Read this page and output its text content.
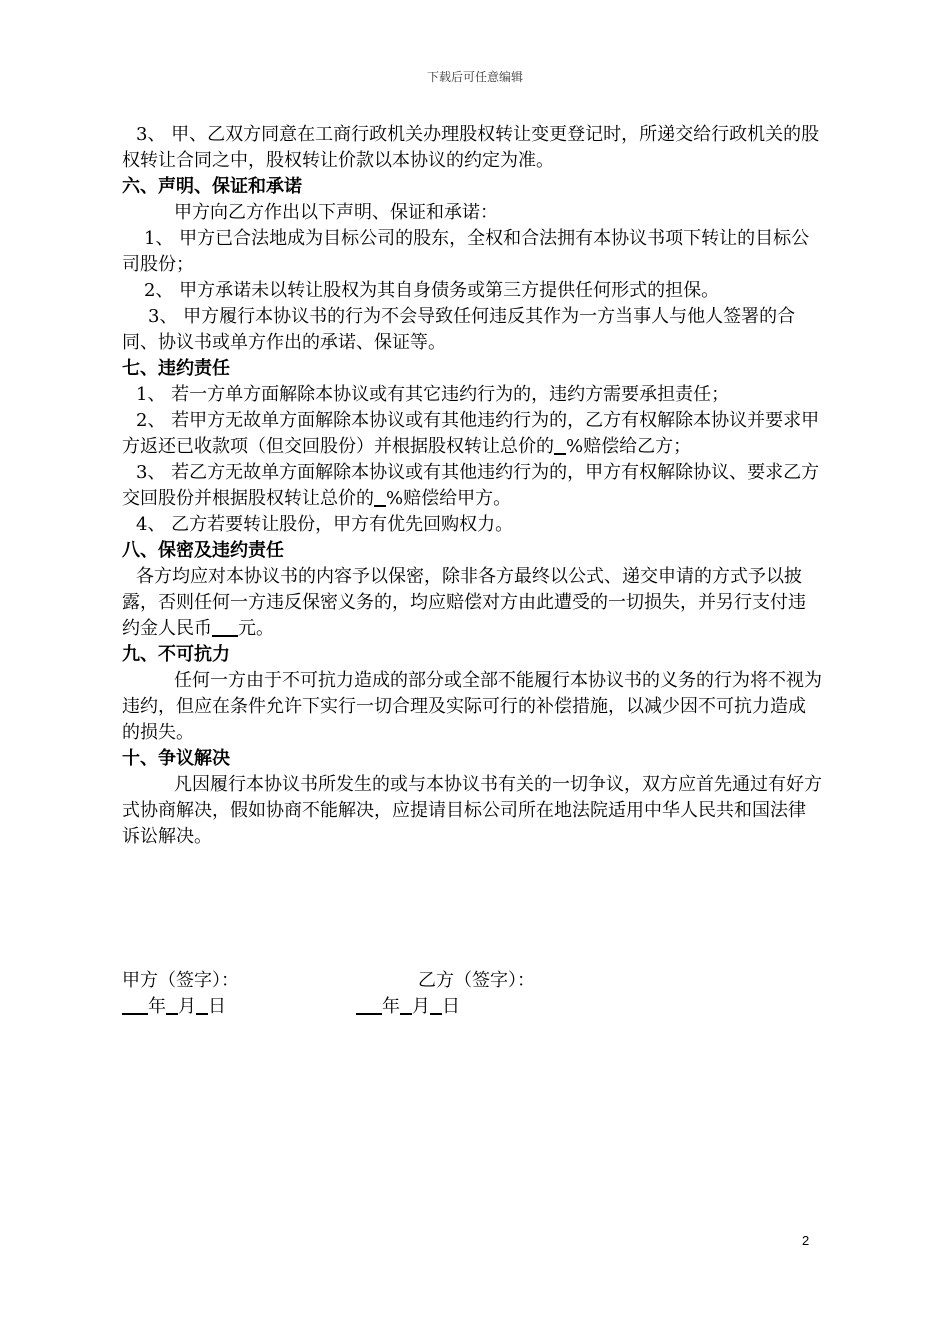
下载后可任意编辑

3、 甲、乙双方同意在工商行政机关办理股权转让变更登记时，所递交给行政机关的股权转让合同之中，股权转让价款以本协议的约定为准。

六、声明、保证和承诺

甲方向乙方作出以下声明、保证和承诺：

1、 甲方已合法地成为目标公司的股东，全权和合法拥有本协议书项下转让的目标公司股份；

2、 甲方承诺未以转让股权为其自身债务或第三方提供任何形式的担保。

3、 甲方履行本协议书的行为不会导致任何违反其作为一方当事人与他人签署的合同、协议书或单方作出的承诺、保证等。

七、违约责任

1、 若一方单方面解除本协议或有其它违约行为的，违约方需要承担责任；

2、 若甲方无故单方面解除本协议或有其他违约行为的，乙方有权解除本协议并要求甲方返还已收款项（但交回股份）并根据股权转让总价的 %赔偿给乙方；

3、 若乙方无故单方面解除本协议或有其他违约行为的，甲方有权解除协议、要求乙方交回股份并根据股权转让总价的 %赔偿给甲方。

4、 乙方若要转让股份，甲方有优先回购权力。

八、保密及违约责任

各方均应对本协议书的内容予以保密，除非各方最终以公式、递交申请的方式予以披露，否则任何一方违反保密义务的，均应赔偿对方由此遭受的一切损失，并另行支付违约金人民币 元。

九、不可抗力

任何一方由于不可抗力造成的部分或全部不能履行本协议书的义务的行为将不视为违约，但应在条件允许下实行一切合理及实际可行的补偿措施，以减少因不可抗力造成的损失。

十、争议解决

凡因履行本协议书所发生的或与本协议书有关的一切争议，双方应首先通过有好方式协商解决，假如协商不能解决，应提请目标公司所在地法院适用中华人民共和国法律诉讼解决。

甲方（签字）：	乙方（签字）：
年 月 日	年 月 日
2
